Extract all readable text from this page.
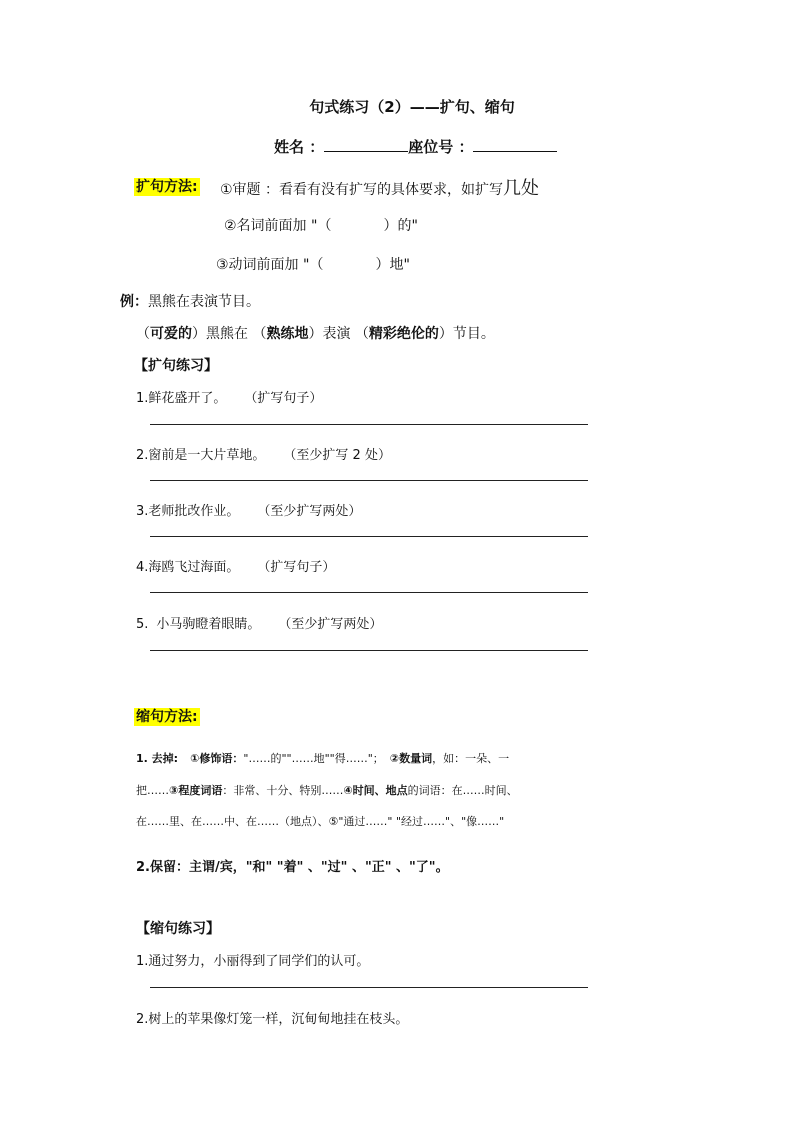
句式练习（2）——扩句、缩句
姓名 ：	座位号 ：
扩句方法: ①审题 ：看看有没有扩写的具体要求，如扩写几处
②名词前面加 "（	）的"
③动词前面加 "（	）地"
例：黑熊在表演节目。
（可爱的）黑熊在 （熟练地）表演 （精彩绝伦的）节目。
【扩句练习】
1.鲜花盛开了。 （扩写句子）
2.窗前是一大片草地。 （至少扩写 2 处）
3.老师批改作业。 （至少扩写两处）
4.海鸥飞过海面。 （扩写句子）
5. 小马驹瞪着眼睛。 （至少扩写两处）
缩句方法:
1. 去掉: ①修饰语："……的""……地""得……"； ②数量词，如：一朵、一
把……③程度词语：非常、十分、特别……④时间、地点的词语：在……时间、
在……里、在……中、在……（地点）、⑤"通过……" "经过……"、"像……"
2.保留：主谓/宾，"和" "着" 、"过" 、"正" 、"了"。
【缩句练习】
1.通过努力，小丽得到了同学们的认可。
2.树上的苹果像灯笼一样，沉甸甸地挂在枝头。
